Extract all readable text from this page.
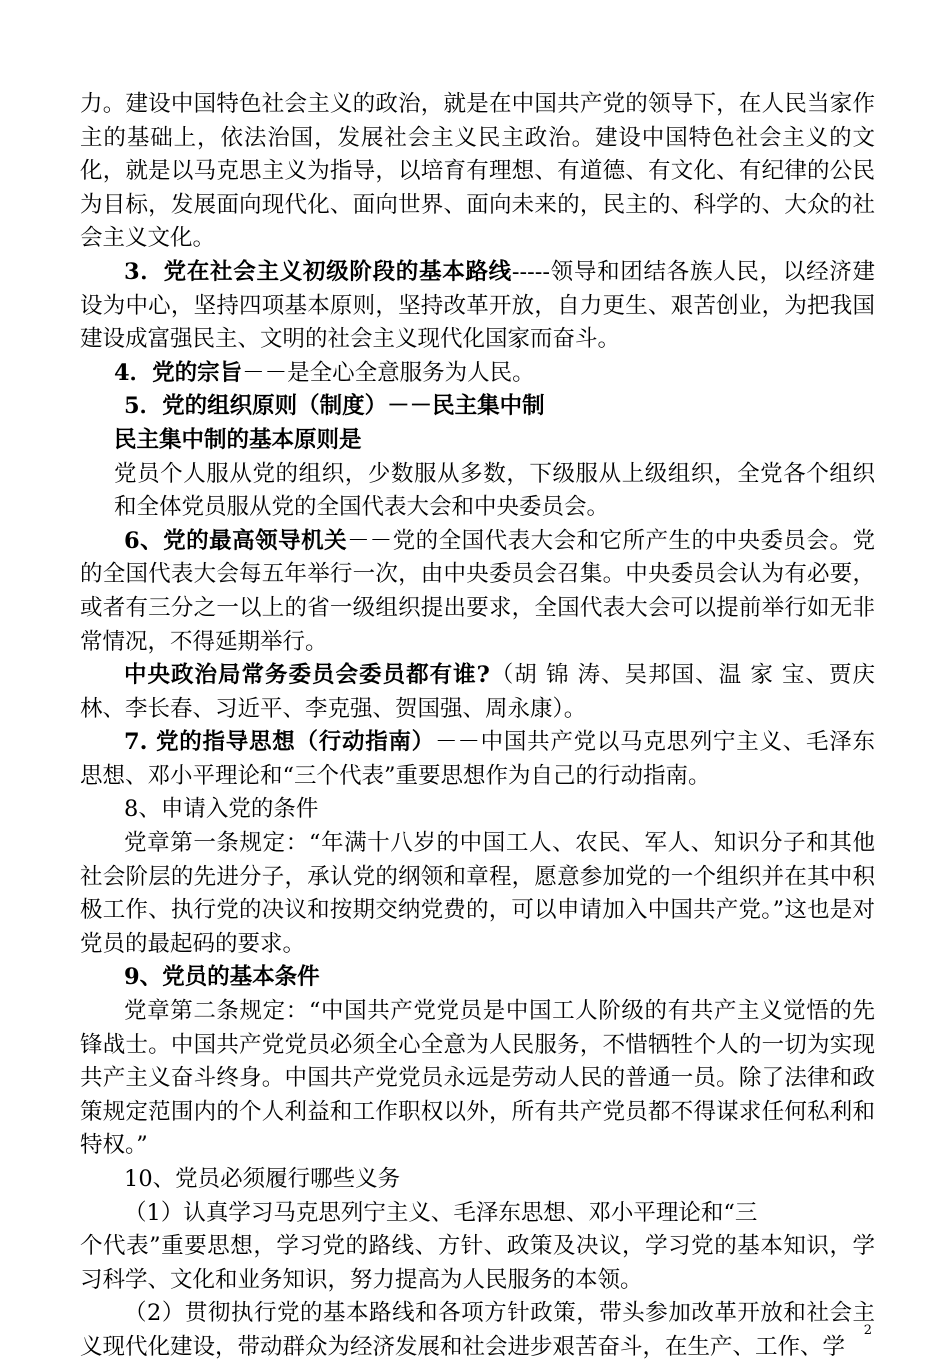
力。建设中国特色社会主义的政治，就是在中国共产党的领导下，在人民当家作主的基础上，依法治国，发展社会主义民主政治。建设中国特色社会主义的文化，就是以马克思主义为指导，以培育有理想、有道德、有文化、有纪律的公民为目标，发展面向现代化、面向世界、面向未来的，民主的、科学的、大众的社会主义文化。

3．党在社会主义初级阶段的基本路线-----领导和团结各族人民，以经济建设为中心，坚持四项基本原则，坚持改革开放，自力更生、艰苦创业，为把我国建设成富强民主、文明的社会主义现代化国家而奋斗。

4．党的宗旨－－是全心全意服务为人民。

5．党的组织原则（制度）－－民主集中制

民主集中制的基本原则是

党员个人服从党的组织，少数服从多数，下级服从上级组织，全党各个组织和全体党员服从党的全国代表大会和中央委员会。

6、党的最高领导机关－－党的全国代表大会和它所产生的中央委员会。党的全国代表大会每五年举行一次，由中央委员会召集。中央委员会认为有必要，或者有三分之一以上的省一级组织提出要求，全国代表大会可以提前举行如无非常情况，不得延期举行。

中央政治局常务委员会委员都有谁?（胡 锦 涛、吴邦国、温 家 宝、贾庆林、李长春、习近平、李克强、贺国强、周永康）。

7. 党的指导思想（行动指南）－－中国共产党以马克思列宁主义、毛泽东思想、邓小平理论和“三个代表”重要思想作为自己的行动指南。

8、申请入党的条件

党章第一条规定：“年满十八岁的中国工人、农民、军人、知识分子和其他社会阶层的先进分子，承认党的纲领和章程，愿意参加党的一个组织并在其中积极工作、执行党的决议和按期交纳党费的，可以申请加入中国共产党。”这也是对党员的最起码的要求。

9、党员的基本条件

党章第二条规定：“中国共产党党员是中国工人阶级的有共产主义觉悟的先锋战士。中国共产党党员必须全心全意为人民服务，不惜牺牲个人的一切为实现共产主义奋斗终身。中国共产党党员永远是劳动人民的普通一员。除了法律和政策规定范围内的个人利益和工作职权以外，所有共产党员都不得谋求任何私利和特权。”

10、党员必须履行哪些义务

（1）认真学习马克思列宁主义、毛泽东思想、邓小平理论和“三

个代表”重要思想，学习党的路线、方针、政策及决议，学习党的基本知识，学习科学、文化和业务知识，努力提高为人民服务的本领。

（2）贯彻执行党的基本路线和各项方针政策，带头参加改革开放和社会主义现代化建设，带动群众为经济发展和社会进步艰苦奋斗，在生产、工作、学

2
